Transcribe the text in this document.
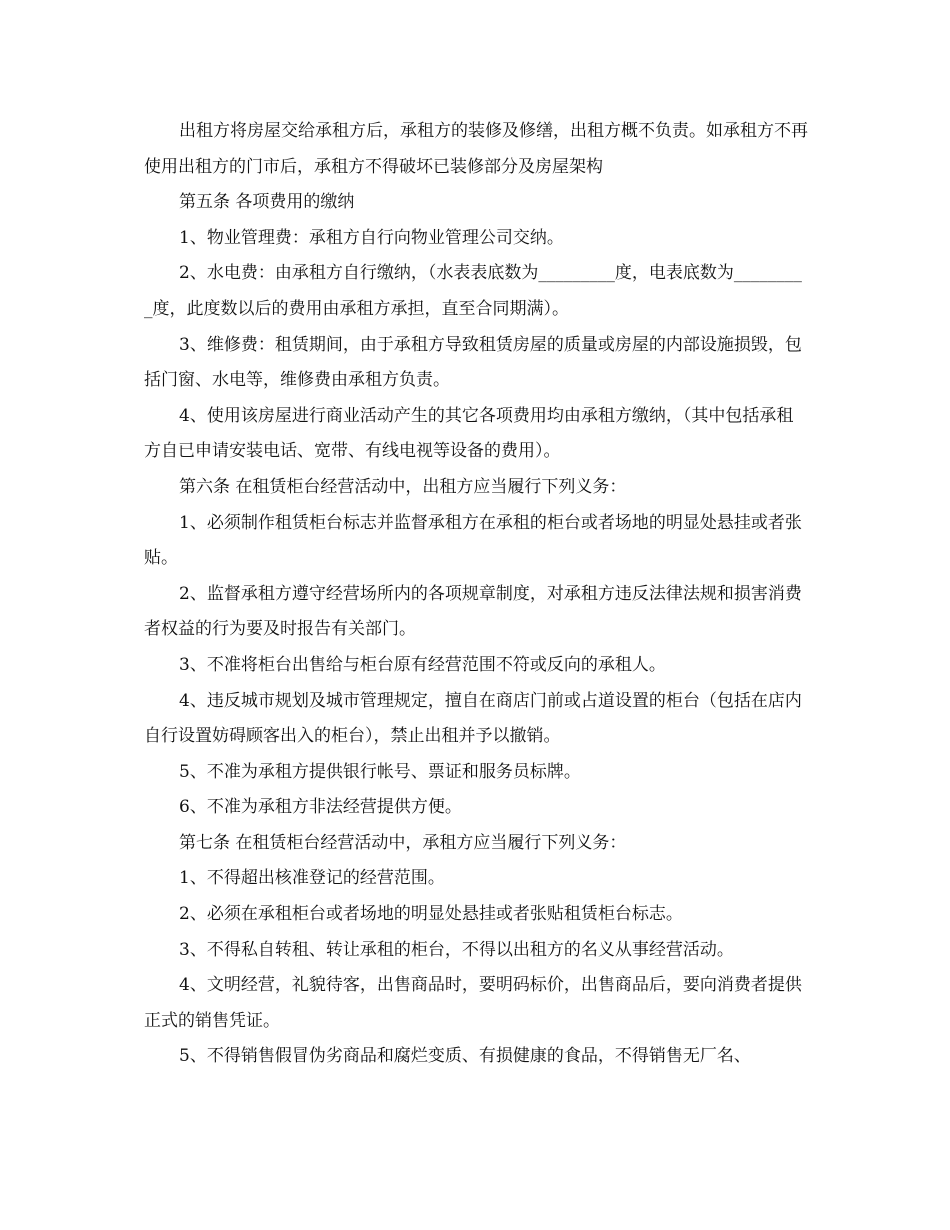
出租方将房屋交给承租方后，承租方的装修及修缮，出租方概不负责。如承租方不再使用出租方的门市后，承租方不得破坏已装修部分及房屋架构

第五条 各项费用的缴纳

1、物业管理费：承租方自行向物业管理公司交纳。

2、水电费：由承租方自行缴纳，（水表表底数为_________度，电表底数为_________度，此度数以后的费用由承租方承担，直至合同期满）。

3、维修费：租赁期间，由于承租方导致租赁房屋的质量或房屋的内部设施损毁，包括门窗、水电等，维修费由承租方负责。

4、使用该房屋进行商业活动产生的其它各项费用均由承租方缴纳，（其中包括承租方自已申请安装电话、宽带、有线电视等设备的费用）。

第六条 在租赁柜台经营活动中，出租方应当履行下列义务：

1、必须制作租赁柜台标志并监督承租方在承租的柜台或者场地的明显处悬挂或者张贴。

2、监督承租方遵守经营场所内的各项规章制度，对承租方违反法律法规和损害消费者权益的行为要及时报告有关部门。

3、不准将柜台出售给与柜台原有经营范围不符或反向的承租人。

4、违反城市规划及城市管理规定，擅自在商店门前或占道设置的柜台（包括在店内自行设置妨碍顾客出入的柜台），禁止出租并予以撤销。

5、不准为承租方提供银行帐号、票证和服务员标牌。

6、不准为承租方非法经营提供方便。

第七条 在租赁柜台经营活动中，承租方应当履行下列义务：

1、不得超出核准登记的经营范围。

2、必须在承租柜台或者场地的明显处悬挂或者张贴租赁柜台标志。

3、不得私自转租、转让承租的柜台，不得以出租方的名义从事经营活动。

4、文明经营，礼貌待客，出售商品时，要明码标价，出售商品后，要向消费者提供正式的销售凭证。

5、不得销售假冒伪劣商品和腐烂变质、有损健康的食品，不得销售无厂名、
